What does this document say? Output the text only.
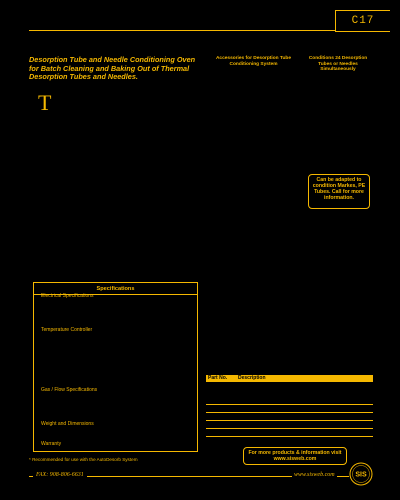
C17
Desorption Tube and Needle Conditioning Oven for Batch Cleaning and Baking Out of Thermal Desorption Tubes and Needles.
Accessories for Desorption Tube Conditioning System
Conditions 24 Desorption Tubes or Needles Simultaneously
T
Can be adapted to condition Markes, PE Tubes. Call for more information.
Specifications
Electrical Specifications
Temperature Controller
Gas / Flow Specifications
Weight and Dimensions
Warranty
Part No. Description
For more products & information visit www.sisweb.com
* Recommended for use with the AutoDesorb System
FAX: 908-806-6631	www.sisweb.com	SIS
